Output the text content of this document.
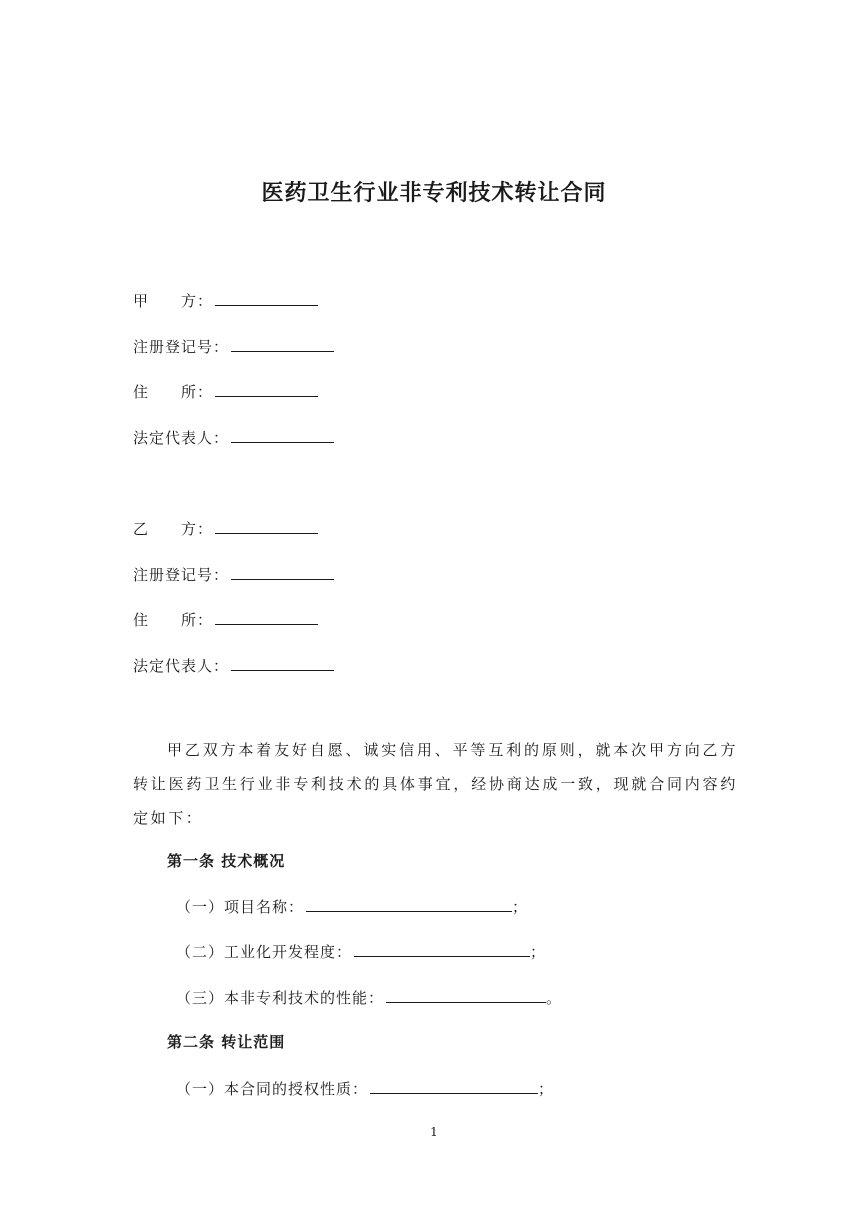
医药卫生行业非专利技术转让合同
甲　　方：
注册登记号：
住　　所：
法定代表人：
乙　　方：
注册登记号：
住　　所：
法定代表人：
甲乙双方本着友好自愿、诚实信用、平等互利的原则，就本次甲方向乙方转让医药卫生行业非专利技术的具体事宜，经协商达成一致，现就合同内容约定如下：
第一条 技术概况
（一）项目名称：	；
（二）工业化开发程度：	；
（三）本非专利技术的性能：	。
第二条 转让范围
（一）本合同的授权性质：	；
1
